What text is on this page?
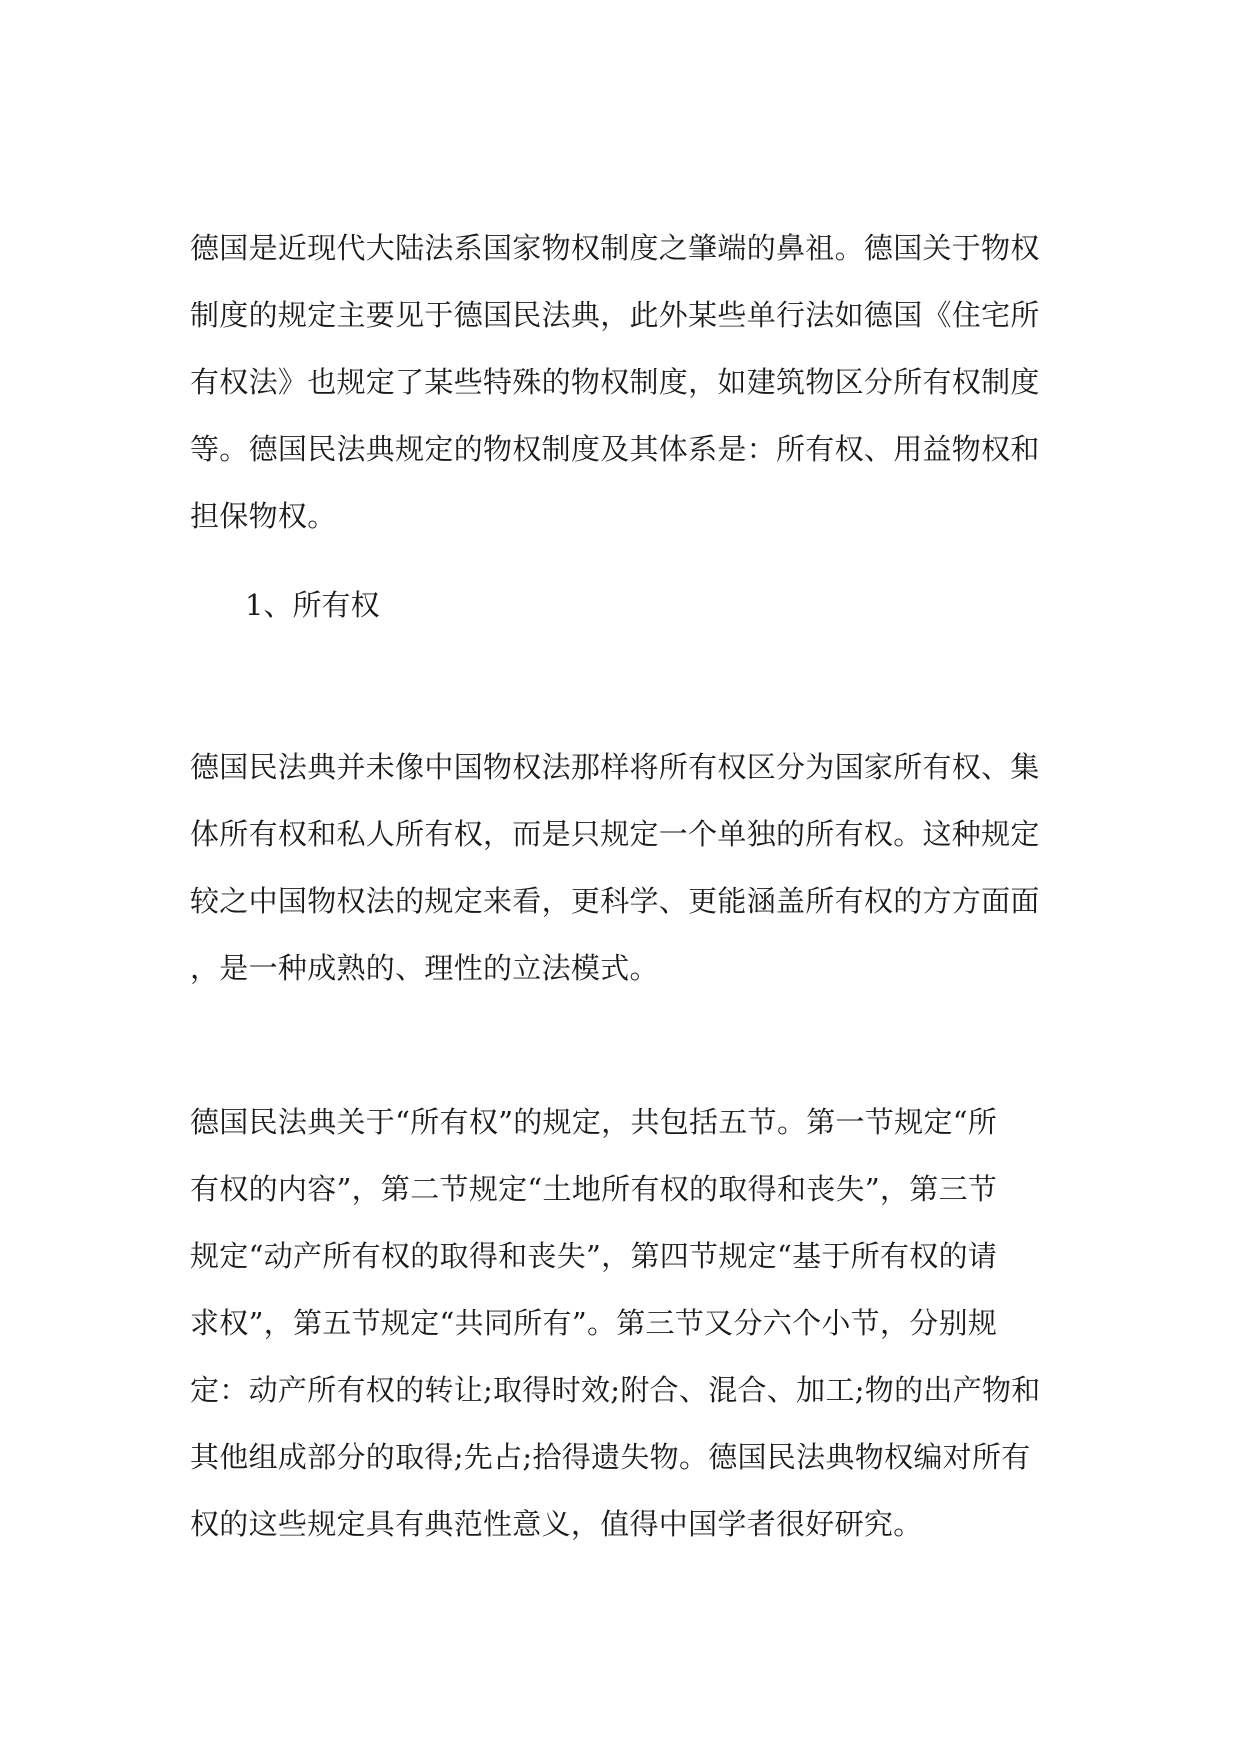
德国是近现代大陆法系国家物权制度之肇端的鼻祖。德国关于物权
制度的规定主要见于德国民法典，此外某些单行法如德国《住宅所
有权法》也规定了某些特殊的物权制度，如建筑物区分所有权制度
等。德国民法典规定的物权制度及其体系是：所有权、用益物权和
担保物权。
1、所有权
德国民法典并未像中国物权法那样将所有权区分为国家所有权、集
体所有权和私人所有权，而是只规定一个单独的所有权。这种规定
较之中国物权法的规定来看，更科学、更能涵盖所有权的方方面面
，是一种成熟的、理性的立法模式。
德国民法典关于“所有权”的规定，共包括五节。第一节规定“所
有权的内容”，第二节规定“土地所有权的取得和丧失”，第三节
规定“动产所有权的取得和丧失”，第四节规定“基于所有权的请
求权”，第五节规定“共同所有”。第三节又分六个小节，分别规
定：动产所有权的转让;取得时效;附合、混合、加工;物的出产物和
其他组成部分的取得;先占;拾得遗失物。德国民法典物权编对所有
权的这些规定具有典范性意义，值得中国学者很好研究。
